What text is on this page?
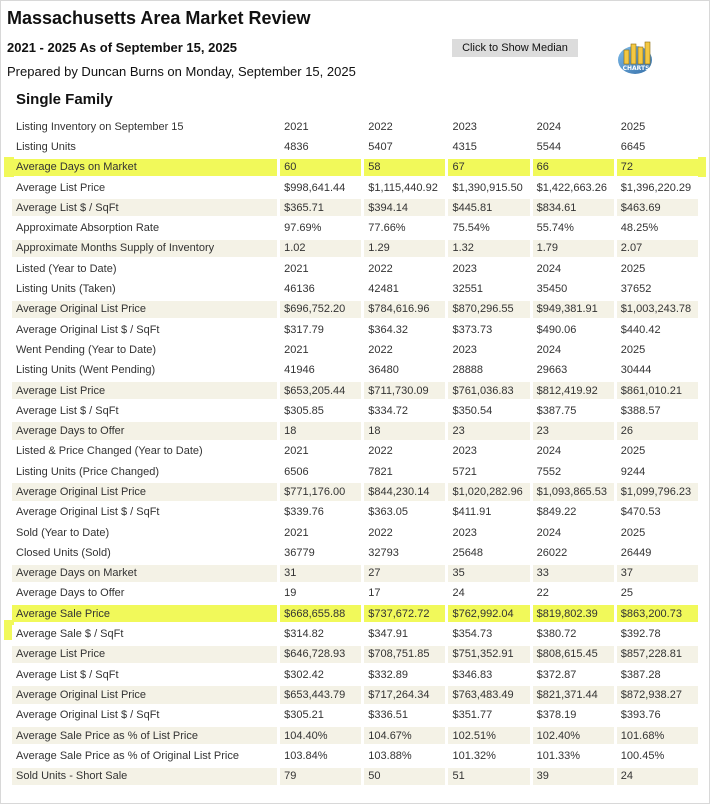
Massachusetts Area Market Review
2021 - 2025 As of September 15, 2025
Prepared by Duncan Burns on Monday, September 15, 2025
Click to Show Median
CHARTS
Single Family
Listing Inventory on September 15	2021	2022	2023	2024	2025
Listing Units	4836	5407	4315	5544	6645
Average Days on Market	60	58	67	66	72
Average List Price	$998,641.44	$1,115,440.92	$1,390,915.50	$1,422,663.26	$1,396,220.29
Average List $ / SqFt	$365.71	$394.14	$445.81	$834.61	$463.69
Approximate Absorption Rate	97.69%	77.66%	75.54%	55.74%	48.25%
Approximate Months Supply of Inventory	1.02	1.29	1.32	1.79	2.07
Listed (Year to Date)	2021	2022	2023	2024	2025
Listing Units (Taken)	46136	42481	32551	35450	37652
Average Original List Price	$696,752.20	$784,616.96	$870,296.55	$949,381.91	$1,003,243.78
Average Original List $ / SqFt	$317.79	$364.32	$373.73	$490.06	$440.42
Went Pending (Year to Date)	2021	2022	2023	2024	2025
Listing Units (Went Pending)	41946	36480	28888	29663	30444
Average List Price	$653,205.44	$711,730.09	$761,036.83	$812,419.92	$861,010.21
Average List $ / SqFt	$305.85	$334.72	$350.54	$387.75	$388.57
Average Days to Offer	18	18	23	23	26
Listed & Price Changed (Year to Date)	2021	2022	2023	2024	2025
Listing Units (Price Changed)	6506	7821	5721	7552	9244
Average Original List Price	$771,176.00	$844,230.14	$1,020,282.96	$1,093,865.53	$1,099,796.23
Average Original List $ / SqFt	$339.76	$363.05	$411.91	$849.22	$470.53
Sold (Year to Date)	2021	2022	2023	2024	2025
Closed Units (Sold)	36779	32793	25648	26022	26449
Average Days on Market	31	27	35	33	37
Average Days to Offer	19	17	24	22	25
Average Sale Price	$668,655.88	$737,672.72	$762,992.04	$819,802.39	$863,200.73
Average Sale $ / SqFt	$314.82	$347.91	$354.73	$380.72	$392.78
Average List Price	$646,728.93	$708,751.85	$751,352.91	$808,615.45	$857,228.81
Average List $ / SqFt	$302.42	$332.89	$346.83	$372.87	$387.28
Average Original List Price	$653,443.79	$717,264.34	$763,483.49	$821,371.44	$872,938.27
Average Original List $ / SqFt	$305.21	$336.51	$351.77	$378.19	$393.76
Average Sale Price as % of List Price	104.40%	104.67%	102.51%	102.40%	101.68%
Average Sale Price as % of Original List Price	103.84%	103.88%	101.32%	101.33%	100.45%
Sold Units - Short Sale	79	50	51	39	24
